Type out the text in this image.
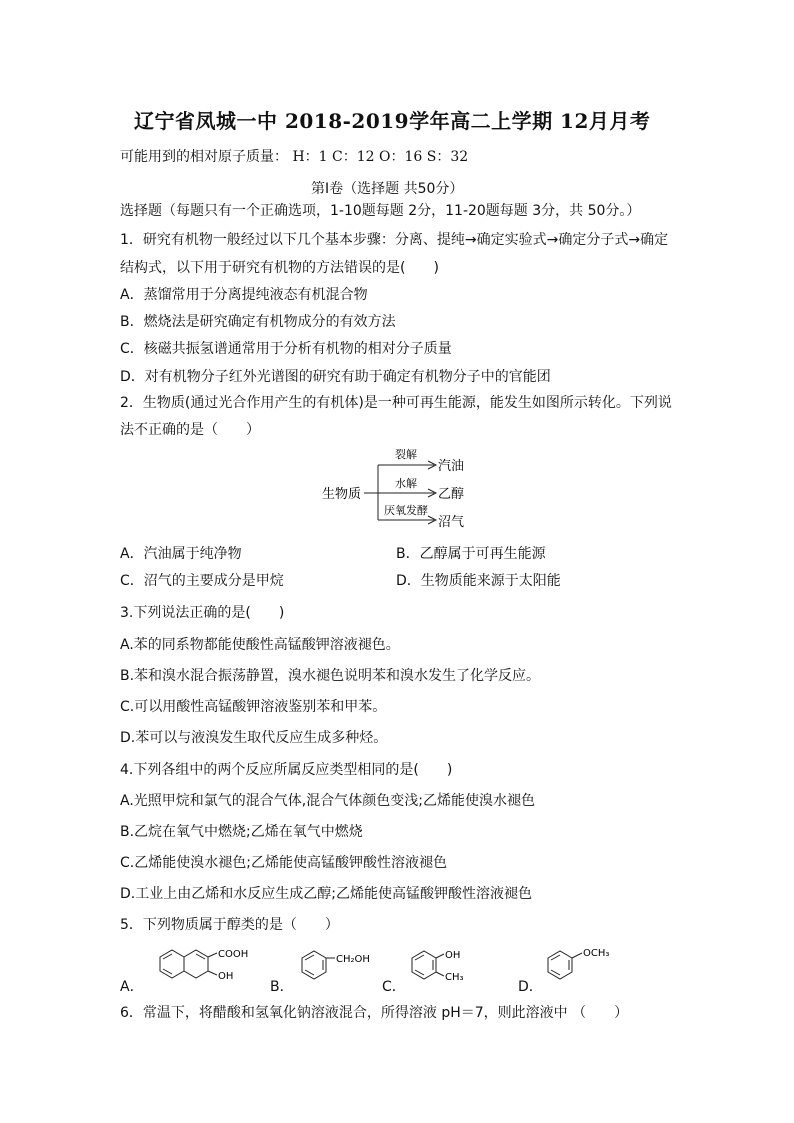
辽宁省凤城一中 2018-2019学年高二上学期 12月月考
可能用到的相对原子质量： H：1 C：12 O：16 S：32
第Ⅰ卷（选择题 共50分）
选择题（每题只有一个正确选项，1-10题每题 2分，11-20题每题 3分，共 50分。）
1．研究有机物一般经过以下几个基本步骤：分离、提纯→确定实验式→确定分子式→确定
结构式，以下用于研究有机物的方法错误的是(　　)
A．蒸馏常用于分离提纯液态有机混合物
B．燃烧法是研究确定有机物成分的有效方法
C．核磁共振氢谱通常用于分析有机物的相对分子质量
D．对有机物分子红外光谱图的研究有助于确定有机物分子中的官能团
2．生物质(通过光合作用产生的有机体)是一种可再生能源，能发生如图所示转化。下列说
法不正确的是（　　）
生物质
裂解
水解
厌氧发酵
汽油
乙醇
沼气
A．汽油属于纯净物	B．乙醇属于可再生能源
C．沼气的主要成分是甲烷	D．生物质能来源于太阳能
3.下列说法正确的是(　　)
A.苯的同系物都能使酸性高锰酸钾溶液褪色。
B.苯和溴水混合振荡静置，溴水褪色说明苯和溴水发生了化学反应。
C.可以用酸性高锰酸钾溶液鉴别苯和甲苯。
D.苯可以与液溴发生取代反应生成多种烃。
4.下列各组中的两个反应所属反应类型相同的是(　　)
A.光照甲烷和氯气的混合气体,混合气体颜色变浅;乙烯能使溴水褪色
B.乙烷在氧气中燃烧;乙烯在氧气中燃烧
C.乙烯能使溴水褪色;乙烯能使高锰酸钾酸性溶液褪色
D.工业上由乙烯和水反应生成乙醇;乙烯能使高锰酸钾酸性溶液褪色
5．下列物质属于醇类的是（　　）
A．
COOH
OH
B．
CH₂OH
C．
OH
CH₃
D．
OCH₃
6．常温下，将醋酸和氢氧化钠溶液混合，所得溶液 pH＝7，则此溶液中 （　　）
